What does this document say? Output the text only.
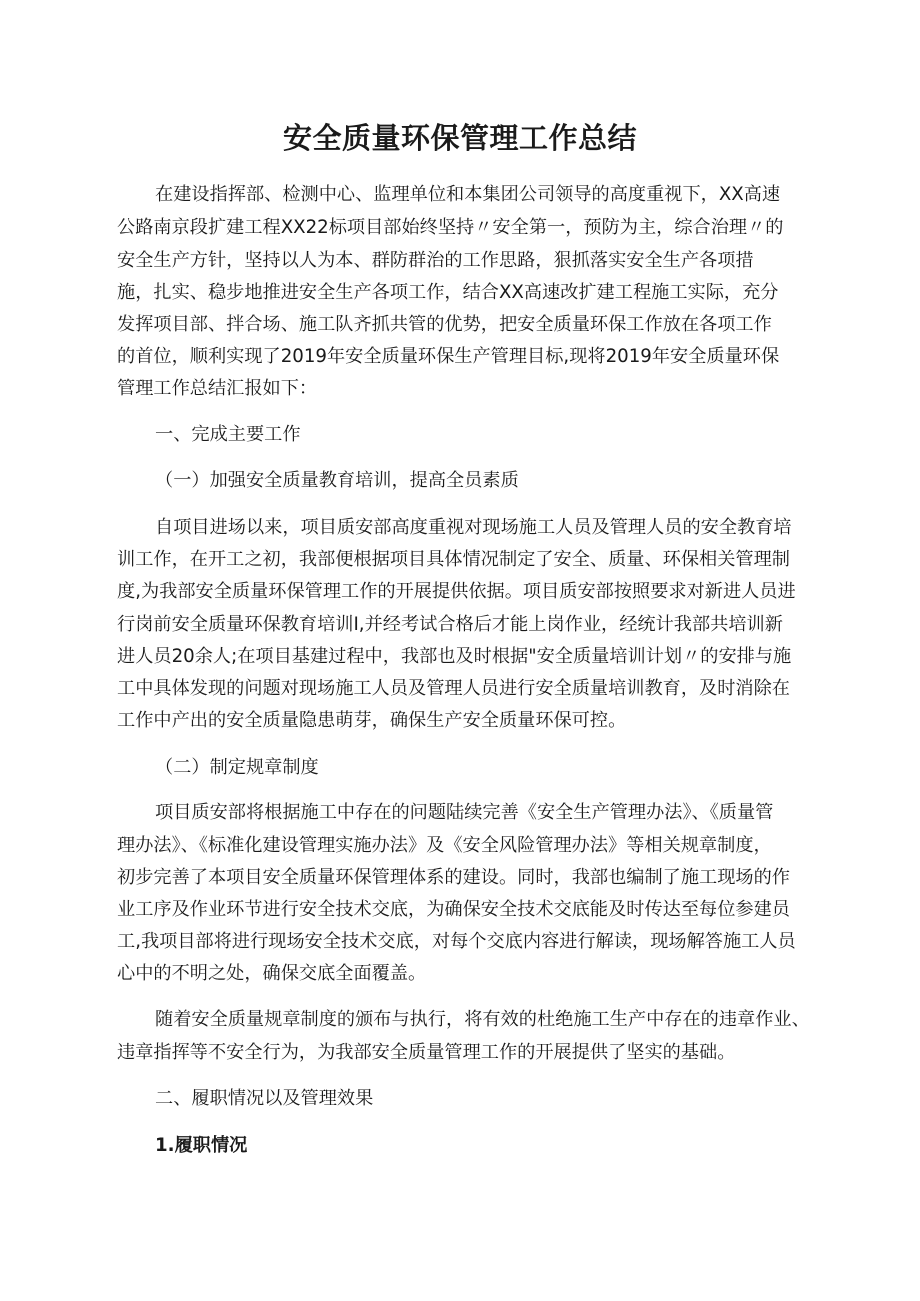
安全质量环保管理工作总结

在建设指挥部、检测中心、监理单位和本集团公司领导的高度重视下，XX高速

公路南京段扩建工程XX22标项目部始终坚持〃安全第一，预防为主，综合治理〃的

安全生产方针，坚持以人为本、群防群治的工作思路，狠抓落实安全生产各项措

施，扎实、稳步地推进安全生产各项工作，结合XX高速改扩建工程施工实际，充分

发挥项目部、拌合场、施工队齐抓共管的优势，把安全质量环保工作放在各项工作

的首位，顺利实现了2019年安全质量环保生产管理目标,现将2019年安全质量环保

管理工作总结汇报如下：

一、完成主要工作

（一）加强安全质量教育培训，提高全员素质

自项目进场以来，项目质安部高度重视对现场施工人员及管理人员的安全教育培

训工作，在开工之初，我部便根据项目具体情况制定了安全、质量、环保相关管理制

度,为我部安全质量环保管理工作的开展提供依据。项目质安部按照要求对新进人员进

行岗前安全质量环保教育培训I,并经考试合格后才能上岗作业，经统计我部共培训新

进人员20余人;在项目基建过程中，我部也及时根据"安全质量培训计划〃的安排与施

工中具体发现的问题对现场施工人员及管理人员进行安全质量培训教育，及时消除在

工作中产出的安全质量隐患萌芽，确保生产安全质量环保可控。

（二）制定规章制度

项目质安部将根据施工中存在的问题陆续完善《安全生产管理办法》、《质量管

理办法》、《标准化建设管理实施办法》及《安全风险管理办法》等相关规章制度，

初步完善了本项目安全质量环保管理体系的建设。同时，我部也编制了施工现场的作

业工序及作业环节进行安全技术交底，为确保安全技术交底能及时传达至每位参建员

工,我项目部将进行现场安全技术交底，对每个交底内容进行解读，现场解答施工人员

心中的不明之处，确保交底全面覆盖。

随着安全质量规章制度的颁布与执行，将有效的杜绝施工生产中存在的违章作业、

违章指挥等不安全行为，为我部安全质量管理工作的开展提供了坚实的基础。

二、履职情况以及管理效果

1.履职情况
